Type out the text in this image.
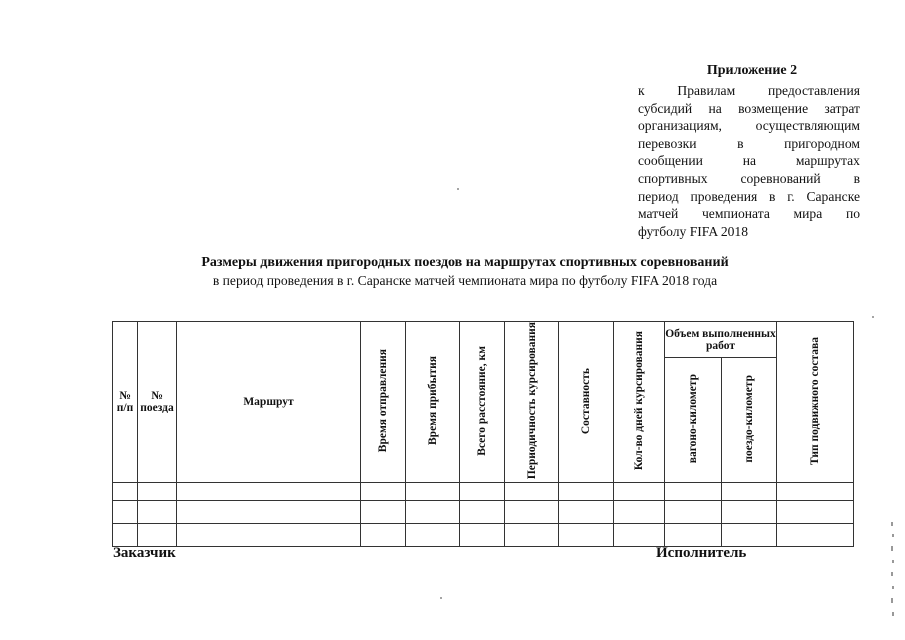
Приложение 2
к Правилам предоставления
субсидий на возмещение затрат
организациям, осуществляющим
перевозки	в	пригородном
сообщении	на	маршрутах
спортивных соревнований в
период проведения в г. Саранске
матчей чемпионата мира по
футболу FIFA 2018
Размеры движения пригородных поездов на маршрутах спортивных соревнований
в период проведения в г. Саранске матчей чемпионата мира по футболу FIFA 2018 года
№ п/п	№ поезда	Маршрут	Время отправления	Время прибытия	Всего расстояние, км	Периодичность курсирования	Составность	Кол-во дней курсирования	Объем выполненных работ		Тип подвижного состава
									вагоно-километр	поездо-километр	

Заказчик	Исполнитель
